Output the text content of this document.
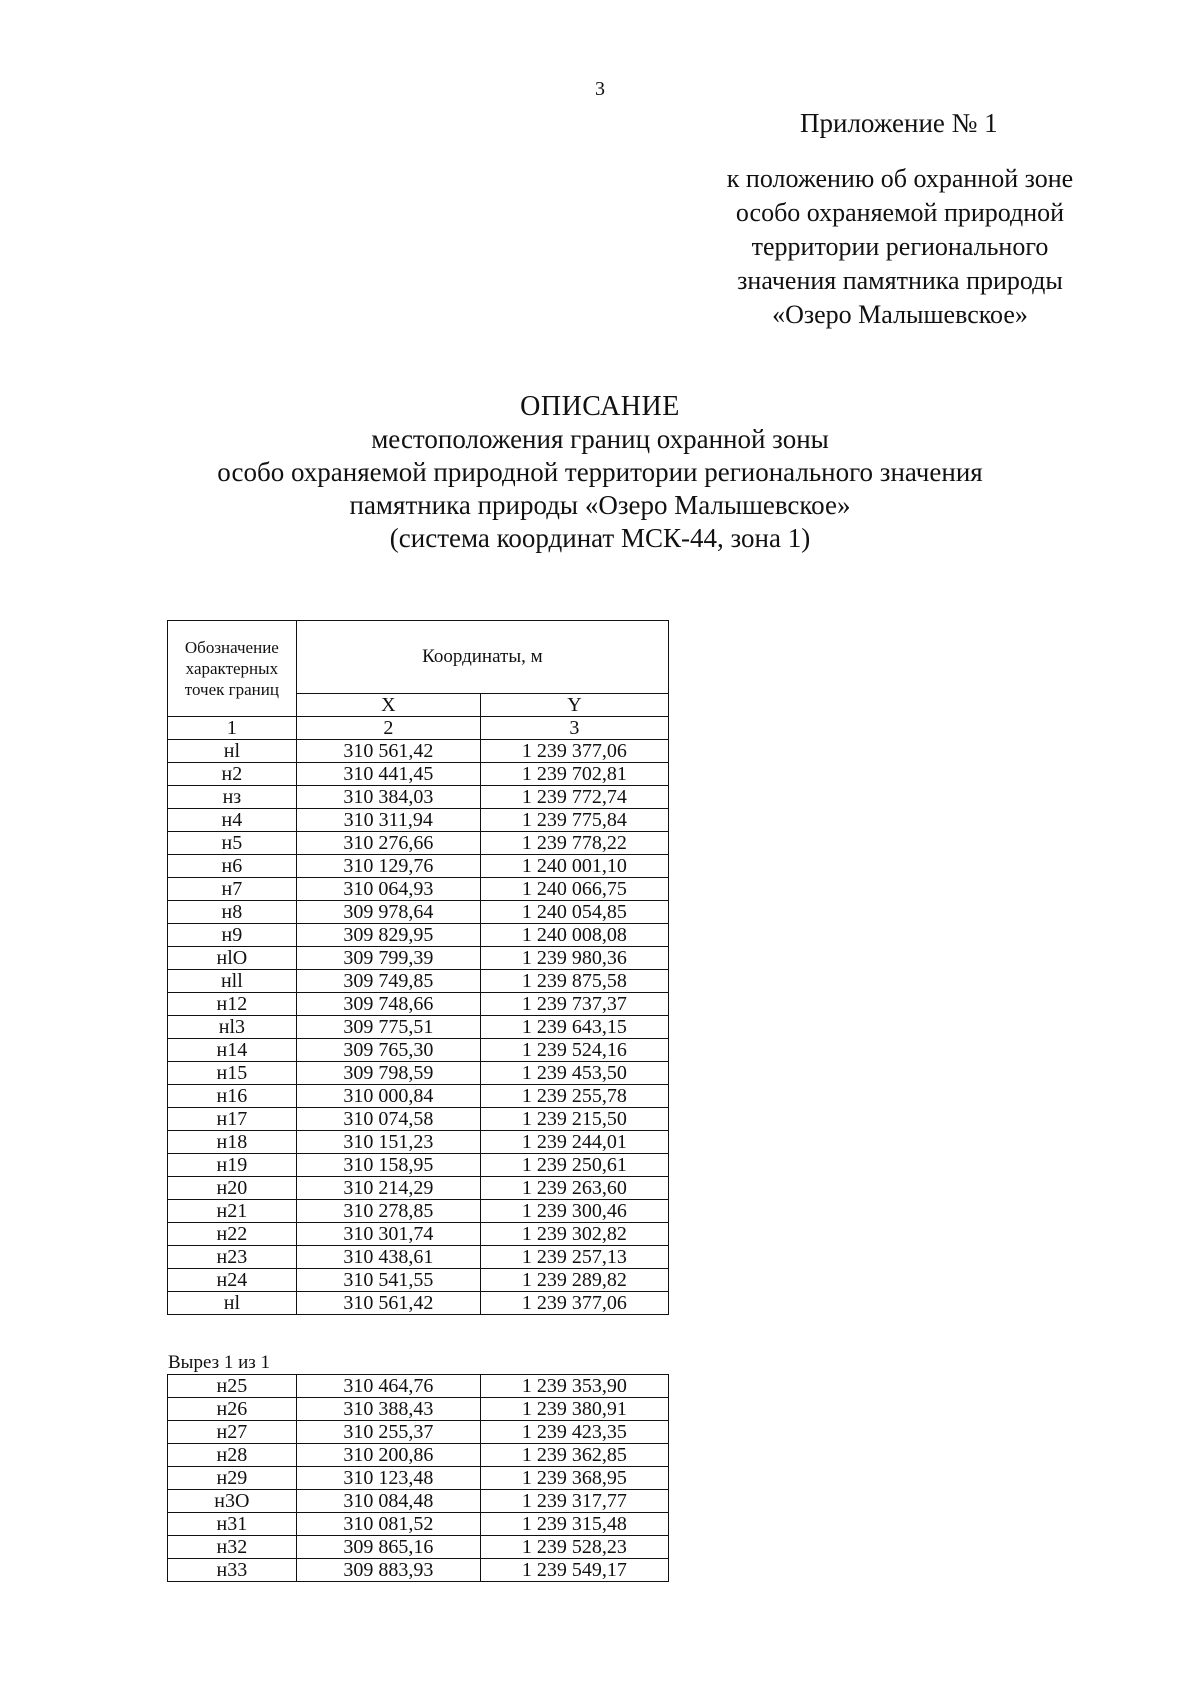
3
Приложение № 1
к положению об охранной зоне
особо охраняемой природной
территории регионального
значения памятника природы
«Озеро Малышевское»
ОПИСАНИЕ
местоположения границ охранной зоны
особо охраняемой природной территории регионального значения
памятника природы «Озеро Малышевское»
(система координат МСК-44, зона 1)
Обозначение характерных точек границ	Координаты, м	
	X	Y
1	2	3
нl	310 561,42	1 239 377,06
н2	310 441,45	1 239 702,81
нз	310 384,03	1 239 772,74
н4	310 311,94	1 239 775,84
н5	310 276,66	1 239 778,22
н6	310 129,76	1 240 001,10
н7	310 064,93	1 240 066,75
н8	309 978,64	1 240 054,85
н9	309 829,95	1 240 008,08
нlО	309 799,39	1 239 980,36
нll	309 749,85	1 239 875,58
н12	309 748,66	1 239 737,37
нl3	309 775,51	1 239 643,15
н14	309 765,30	1 239 524,16
н15	309 798,59	1 239 453,50
н16	310 000,84	1 239 255,78
н17	310 074,58	1 239 215,50
н18	310 151,23	1 239 244,01
н19	310 158,95	1 239 250,61
н20	310 214,29	1 239 263,60
н21	310 278,85	1 239 300,46
н22	310 301,74	1 239 302,82
н23	310 438,61	1 239 257,13
н24	310 541,55	1 239 289,82
нl	310 561,42	1 239 377,06
Вырез 1 из 1
н25	310 464,76	1 239 353,90
н26	310 388,43	1 239 380,91
н27	310 255,37	1 239 423,35
н28	310 200,86	1 239 362,85
н29	310 123,48	1 239 368,95
н3О	310 084,48	1 239 317,77
н31	310 081,52	1 239 315,48
н32	309 865,16	1 239 528,23
н33	309 883,93	1 239 549,17
